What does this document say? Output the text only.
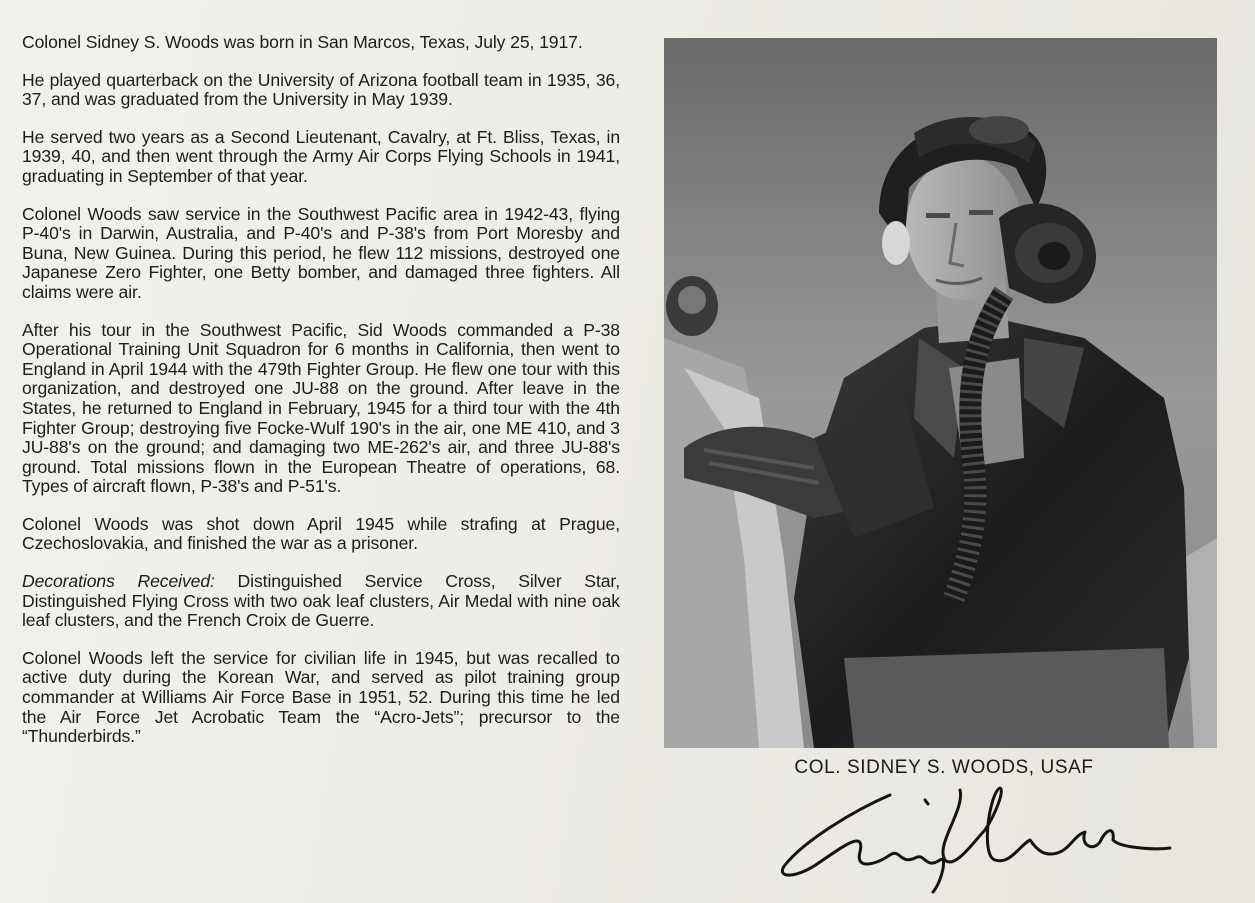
Colonel Sidney S. Woods was born in San Marcos, Texas, July 25, 1917.

He played quarterback on the University of Arizona football team in 1935, 36, 37, and was graduated from the University in May 1939.

He served two years as a Second Lieutenant, Cavalry, at Ft. Bliss, Texas, in 1939, 40, and then went through the Army Air Corps Flying Schools in 1941, graduating in September of that year.

Colonel Woods saw service in the Southwest Pacific area in 1942-43, flying P-40's in Darwin, Australia, and P-40's and P-38's from Port Moresby and Buna, New Guinea. During this period, he flew 112 missions, destroyed one Japanese Zero Fighter, one Betty bomber, and damaged three fighters. All claims were air.

After his tour in the Southwest Pacific, Sid Woods commanded a P-38 Operational Training Unit Squadron for 6 months in California, then went to England in April 1944 with the 479th Fighter Group. He flew one tour with this organization, and destroyed one JU-88 on the ground. After leave in the States, he returned to England in February, 1945 for a third tour with the 4th Fighter Group; destroying five Focke-Wulf 190's in the air, one ME 410, and 3 JU-88's on the ground; and damaging two ME-262's air, and three JU-88's ground. Total missions flown in the European Theatre of operations, 68. Types of aircraft flown, P-38's and P-51's.

Colonel Woods was shot down April 1945 while strafing at Prague, Czechoslovakia, and finished the war as a prisoner.

Decorations Received: Distinguished Service Cross, Silver Star, Distinguished Flying Cross with two oak leaf clusters, Air Medal with nine oak leaf clusters, and the French Croix de Guerre.

Colonel Woods left the service for civilian life in 1945, but was recalled to active duty during the Korean War, and served as pilot training group commander at Williams Air Force Base in 1951, 52. During this time he led the Air Force Jet Acrobatic Team the “Acro-Jets”; precursor to the “Thunderbirds.”

COL. SIDNEY S. WOODS, USAF
